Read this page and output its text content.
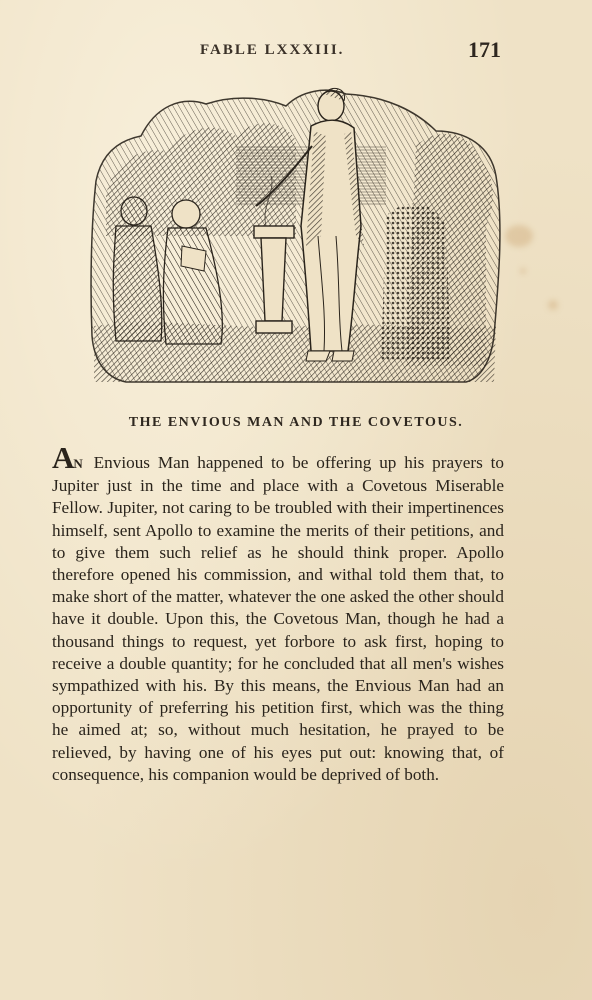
FABLE LXXXIII.	171
THE ENVIOUS MAN AND THE COVETOUS.
AN Envious Man happened to be offering up his prayers to Jupiter just in the time and place with a Covetous Miserable Fellow. Jupiter, not caring to be troubled with their impertinences himself, sent Apollo to examine the merits of their petitions, and to give them such relief as he should think proper. Apollo therefore opened his commission, and withal told them that, to make short of the matter, whatever the one asked the other should have it double. Upon this, the Covetous Man, though he had a thousand things to request, yet forbore to ask first, hoping to receive a double quantity; for he concluded that all men's wishes sympathized with his. By this means, the Envious Man had an opportunity of preferring his petition first, which was the thing he aimed at; so, without much hesitation, he prayed to be relieved, by having one of his eyes put out: knowing that, of consequence, his companion would be deprived of both.
